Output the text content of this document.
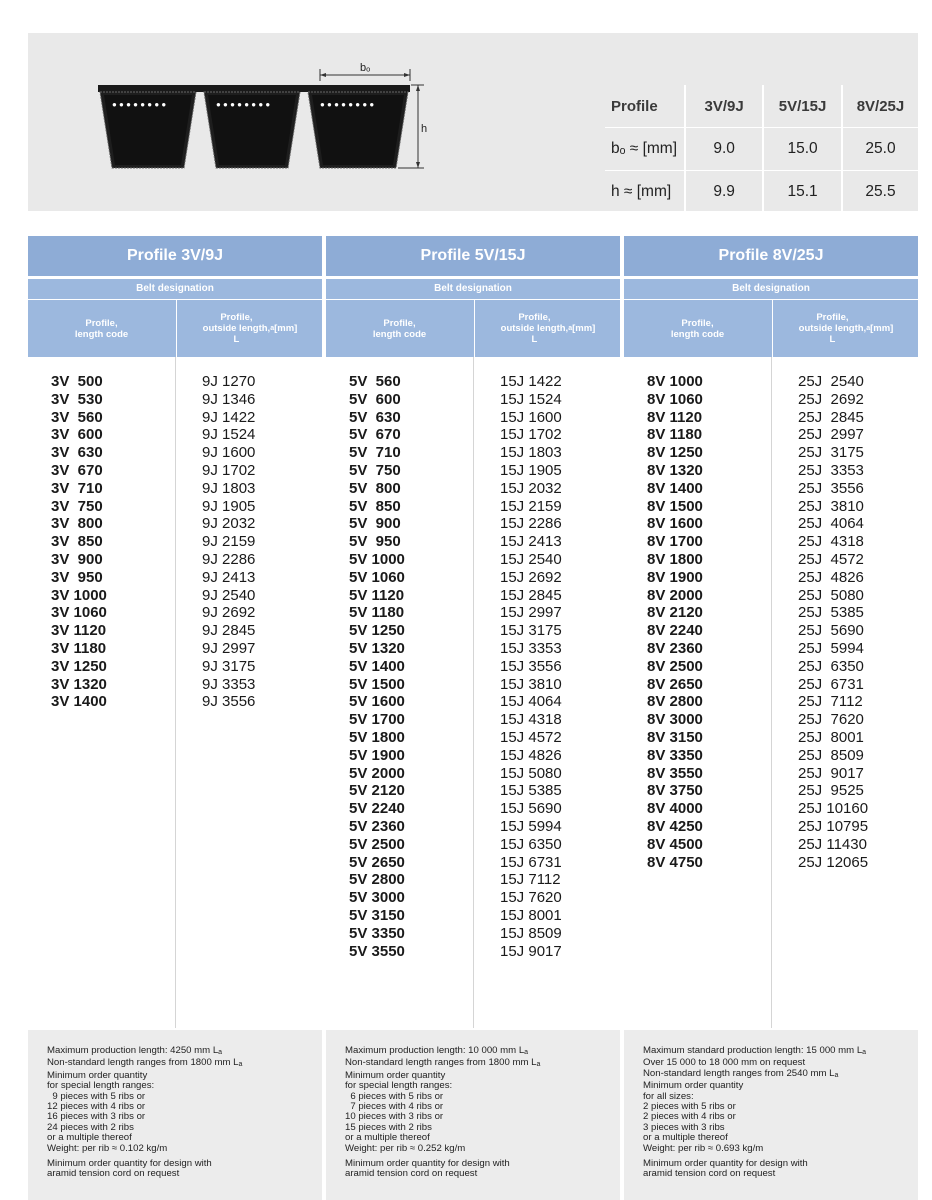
bₒ
● ● ● ● ● ● ● ●	● ● ● ● ● ● ● ●	● ● ● ● ● ● ● ●
h
Profile	3V/9J	5V/15J	8V/25J
bₒ ≈ [mm]	9.0	15.0	25.0
h ≈ [mm]	9.9	15.1	25.5
Profile 3V/9J
Belt designation
Profile,
length code
Profile,
outside length,
L
a [mm]
3V  500	9J 1270
3V  530	9J 1346
3V  560	9J 1422
3V  600	9J 1524
3V  630	9J 1600
3V  670	9J 1702
3V  710	9J 1803
3V  750	9J 1905
3V  800	9J 2032
3V  850	9J 2159
3V  900	9J 2286
3V  950	9J 2413
3V 1000	9J 2540
3V 1060	9J 2692
3V 1120	9J 2845
3V 1180	9J 2997
3V 1250	9J 3175
3V 1320	9J 3353
3V 1400	9J 3556
Maximum production length: 4250 mm $L_a$
Non-standard length ranges from 1800 mm $L_a$
Minimum order quantity
for special length ranges:
9 pieces with 5 ribs or
12 pieces with 4 ribs or
16 pieces with 3 ribs or
24 pieces with 2 ribs
or a multiple thereof
Weight: per rib ≈ 0.102 kg/m
Minimum order quantity for design with
aramid tension cord on request
Profile 5V/15J
Belt designation
Profile,
length code
Profile,
outside length,
L
a [mm]
5V  560	15J 1422
5V  600	15J 1524
5V  630	15J 1600
5V  670	15J 1702
5V  710	15J 1803
5V  750	15J 1905
5V  800	15J 2032
5V  850	15J 2159
5V  900	15J 2286
5V  950	15J 2413
5V 1000	15J 2540
5V 1060	15J 2692
5V 1120	15J 2845
5V 1180	15J 2997
5V 1250	15J 3175
5V 1320	15J 3353
5V 1400	15J 3556
5V 1500	15J 3810
5V 1600	15J 4064
5V 1700	15J 4318
5V 1800	15J 4572
5V 1900	15J 4826
5V 2000	15J 5080
5V 2120	15J 5385
5V 2240	15J 5690
5V 2360	15J 5994
5V 2500	15J 6350
5V 2650	15J 6731
5V 2800	15J 7112
5V 3000	15J 7620
5V 3150	15J 8001
5V 3350	15J 8509
5V 3550	15J 9017
Maximum production length: 10 000 mm $L_a$
Non-standard length ranges from 1800 mm $L_a$
Minimum order quantity
for special length ranges:
6 pieces with 5 ribs or
7 pieces with 4 ribs or
10 pieces with 3 ribs or
15 pieces with 2 ribs
or a multiple thereof
Weight: per rib ≈ 0.252 kg/m
Minimum order quantity for design with
aramid tension cord on request
Profile 8V/25J
Belt designation
Profile,
length code
Profile,
outside length,
L
a [mm]
8V 1000	25J  2540
8V 1060	25J  2692
8V 1120	25J  2845
8V 1180	25J  2997
8V 1250	25J  3175
8V 1320	25J  3353
8V 1400	25J  3556
8V 1500	25J  3810
8V 1600	25J  4064
8V 1700	25J  4318
8V 1800	25J  4572
8V 1900	25J  4826
8V 2000	25J  5080
8V 2120	25J  5385
8V 2240	25J  5690
8V 2360	25J  5994
8V 2500	25J  6350
8V 2650	25J  6731
8V 2800	25J  7112
8V 3000	25J  7620
8V 3150	25J  8001
8V 3350	25J  8509
8V 3550	25J  9017
8V 3750	25J  9525
8V 4000	25J 10160
8V 4250	25J 10795
8V 4500	25J 11430
8V 4750	25J 12065
Maximum standard production length: 15 000 mm $L_a$
Over 15 000 to 18 000 mm on request
Non-standard length ranges from 2540 mm $L_a$
Minimum order quantity
for all sizes:
2 pieces with 5 ribs or
2 pieces with 4 ribs or
3 pieces with 3 ribs
or a multiple thereof
Weight: per rib ≈ 0.693 kg/m
Minimum order quantity for design with
aramid tension cord on request
